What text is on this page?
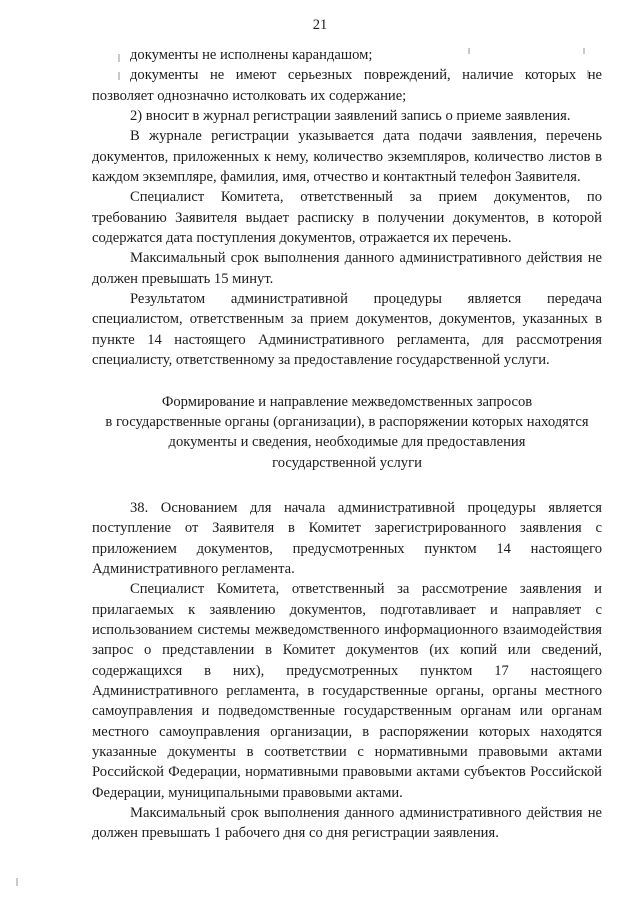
21

документы не исполнены карандашом;

документы не имеют серьезных повреждений, наличие которых не позволяет однозначно истолковать их содержание;

2) вносит в журнал регистрации заявлений запись о приеме заявления.

В журнале регистрации указывается дата подачи заявления, перечень документов, приложенных к нему, количество экземпляров, количество листов в каждом экземпляре, фамилия, имя, отчество и контактный телефон Заявителя.

Специалист Комитета, ответственный за прием документов, по требованию Заявителя выдает расписку в получении документов, в которой содержатся дата поступления документов, отражается их перечень.

Максимальный срок выполнения данного административного действия не должен превышать 15 минут.

Результатом административной процедуры является передача специалистом, ответственным за прием документов, документов, указанных в пункте 14 настоящего Административного регламента, для рассмотрения специалисту, ответственному за предоставление государственной услуги.

Формирование и направление межведомственных запросов
в государственные органы (организации), в распоряжении которых находятся
документы и сведения, необходимые для предоставления
государственной услуги

38. Основанием для начала административной процедуры является поступление от Заявителя в Комитет зарегистрированного заявления с приложением документов, предусмотренных пунктом 14 настоящего Административного регламента.

Специалист Комитета, ответственный за рассмотрение заявления и прилагаемых к заявлению документов, подготавливает и направляет с использованием системы межведомственного информационного взаимодействия запрос о представлении в Комитет документов (их копий или сведений, содержащихся в них), предусмотренных пунктом 17 настоящего Административного регламента, в государственные органы, органы местного самоуправления и подведомственные государственным органам или органам местного самоуправления организации, в распоряжении которых находятся указанные документы в соответствии с нормативными правовыми актами Российской Федерации, нормативными правовыми актами субъектов Российской Федерации, муниципальными правовыми актами.

Максимальный срок выполнения данного административного действия не должен превышать 1 рабочего дня со дня регистрации заявления.
